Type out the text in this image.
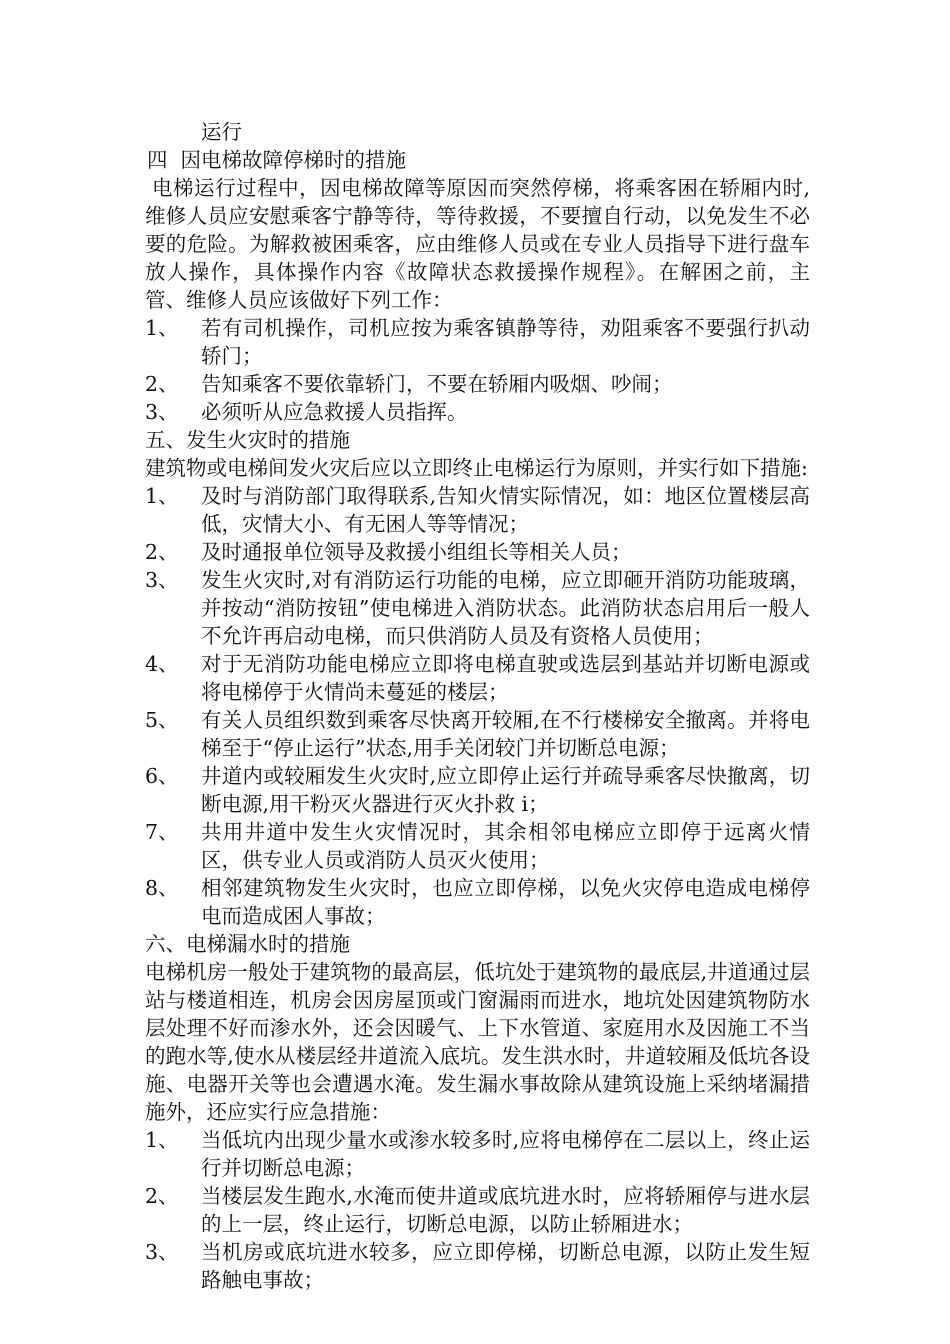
运行
四  因电梯故障停梯时的措施
电梯运行过程中，因电梯故障等原因而突然停梯，将乘客困在轿厢内时,维修人员应安慰乘客宁静等待，等待救援，不要擅自行动，以免发生不必要的危险。为解救被困乘客，应由维修人员或在专业人员指导下进行盘车放人操作，具体操作内容《故障状态救援操作规程》。在解困之前，主管、维修人员应该做好下列工作：
1、	若有司机操作，司机应按为乘客镇静等待，劝阻乘客不要强行扒动轿门；
2、	告知乘客不要依靠轿门，不要在轿厢内吸烟、吵闹；
3、	必须听从应急救援人员指挥。
五、发生火灾时的措施
建筑物或电梯间发火灾后应以立即终止电梯运行为原则，并实行如下措施:
1、	及时与消防部门取得联系,告知火情实际情况，如：地区位置楼层高低，灾情大小、有无困人等等情况；
2、	及时通报单位领导及救援小组组长等相关人员；
3、	发生火灾时,对有消防运行功能的电梯，应立即砸开消防功能玻璃，并按动“消防按钮”使电梯进入消防状态。此消防状态启用后一般人不允许再启动电梯，而只供消防人员及有资格人员使用；
4、	对于无消防功能电梯应立即将电梯直驶或选层到基站并切断电源或将电梯停于火情尚未蔓延的楼层；
5、	有关人员组织数到乘客尽快离开较厢,在不行楼梯安全撤离。并将电梯至于“停止运行”状态,用手关闭较门并切断总电源；
6、	井道内或较厢发生火灾时,应立即停止运行并疏导乘客尽快撤离，切断电源,用干粉灭火器进行灭火扑救 i；
7、	共用井道中发生火灾情况时，其余相邻电梯应立即停于远离火情区，供专业人员或消防人员灭火使用；
8、	相邻建筑物发生火灾时，也应立即停梯，以免火灾停电造成电梯停电而造成困人事故；
六、电梯漏水时的措施
电梯机房一般处于建筑物的最高层，低坑处于建筑物的最底层,井道通过层站与楼道相连，机房会因房屋顶或门窗漏雨而进水，地坑处因建筑物防水层处理不好而渗水外，还会因暖气、上下水管道、家庭用水及因施工不当的跑水等,使水从楼层经井道流入底坑。发生洪水时，井道较厢及低坑各设施、电器开关等也会遭遇水淹。发生漏水事故除从建筑设施上采纳堵漏措施外，还应实行应急措施：
1、	当低坑内出现少量水或渗水较多时,应将电梯停在二层以上，终止运行并切断总电源；
2、	当楼层发生跑水,水淹而使井道或底坑进水时，应将轿厢停与进水层的上一层，终止运行，切断总电源，以防止轿厢进水；
3、	当机房或底坑进水较多，应立即停梯，切断总电源，以防止发生短路触电事故；
